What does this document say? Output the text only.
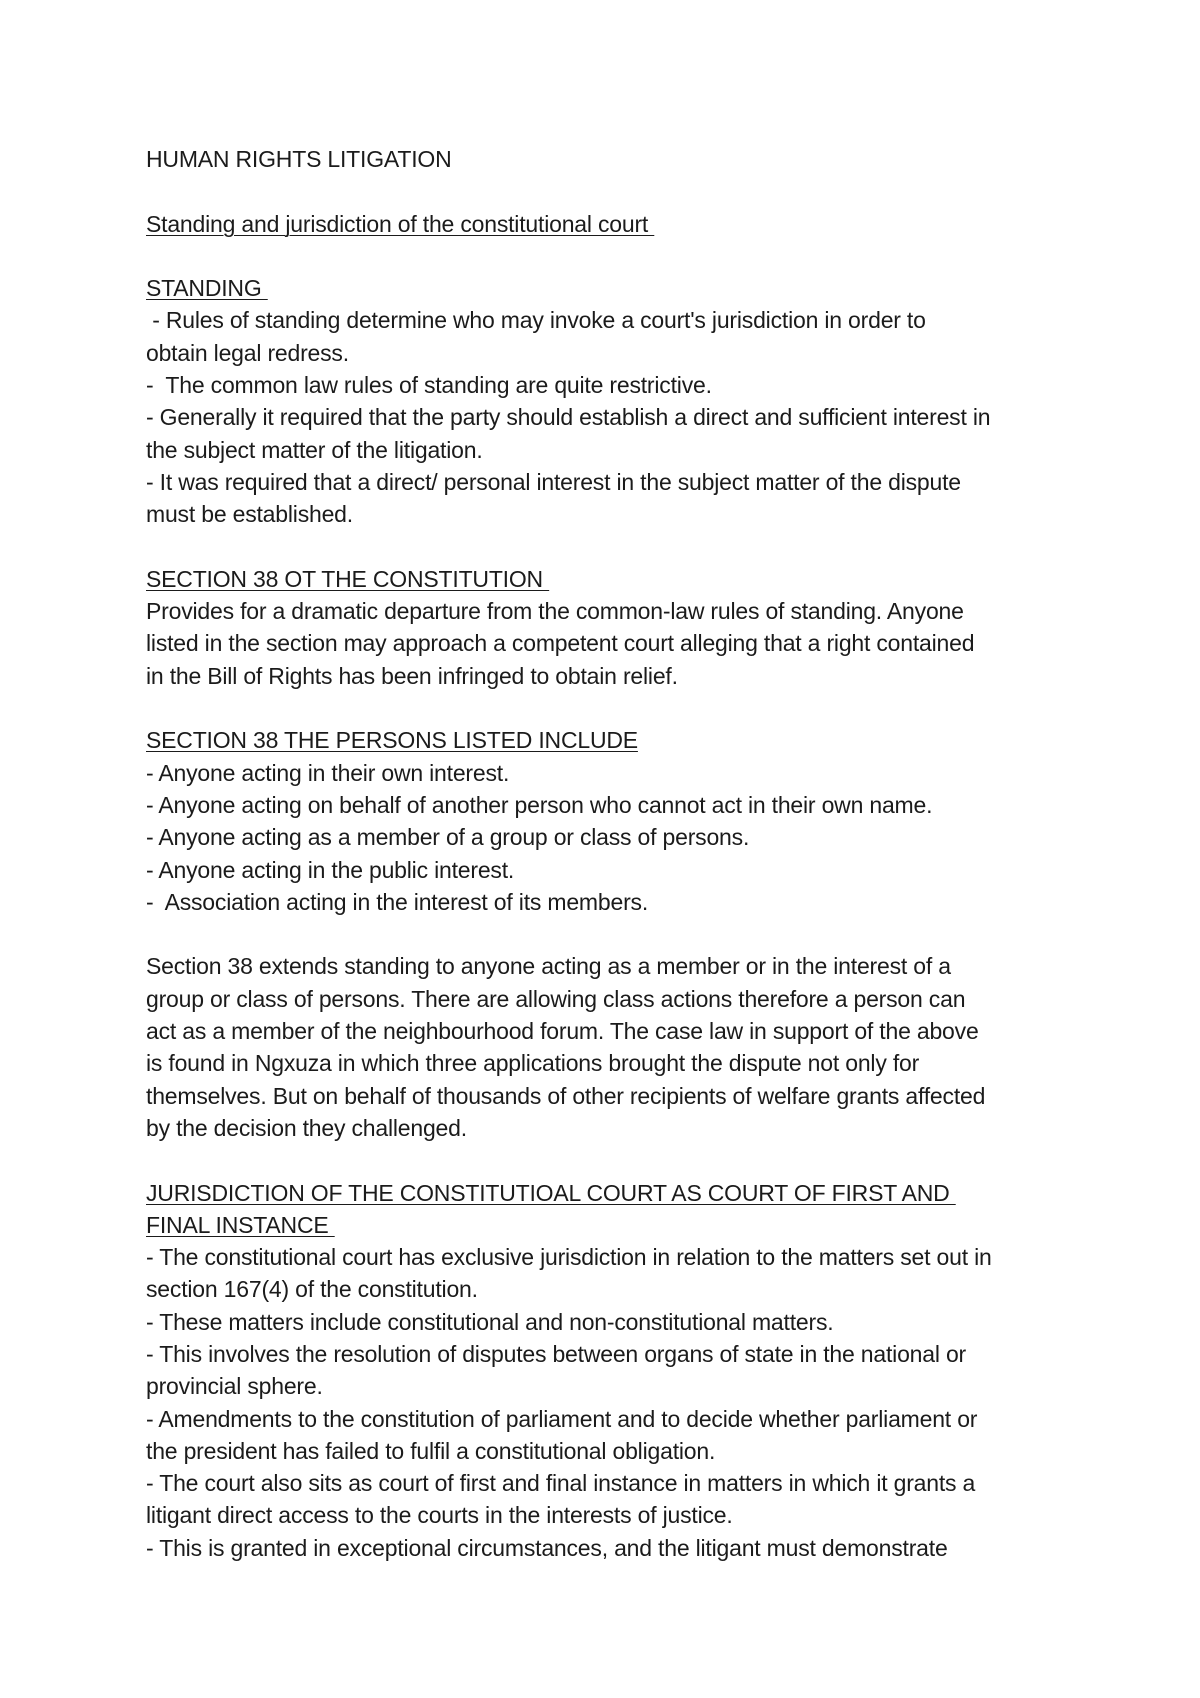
HUMAN RIGHTS LITIGATION
Standing and jurisdiction of the constitutional court
STANDING
- Rules of standing determine who may invoke a court's jurisdiction in order to
obtain legal redress.
-  The common law rules of standing are quite restrictive.
- Generally it required that the party should establish a direct and sufficient interest in
the subject matter of the litigation.
- It was required that a direct/ personal interest in the subject matter of the dispute
must be established.
SECTION 38 OT THE CONSTITUTION
Provides for a dramatic departure from the common-law rules of standing. Anyone
listed in the section may approach a competent court alleging that a right contained
in the Bill of Rights has been infringed to obtain relief.
SECTION 38 THE PERSONS LISTED INCLUDE
- Anyone acting in their own interest.
- Anyone acting on behalf of another person who cannot act in their own name.
- Anyone acting as a member of a group or class of persons.
- Anyone acting in the public interest.
-  Association acting in the interest of its members.
Section 38 extends standing to anyone acting as a member or in the interest of a
group or class of persons. There are allowing class actions therefore a person can
act as a member of the neighbourhood forum. The case law in support of the above
is found in Ngxuza in which three applications brought the dispute not only for
themselves. But on behalf of thousands of other recipients of welfare grants affected
by the decision they challenged.
JURISDICTION OF THE CONSTITUTIOAL COURT AS COURT OF FIRST AND
FINAL INSTANCE
- The constitutional court has exclusive jurisdiction in relation to the matters set out in
section 167(4) of the constitution.
- These matters include constitutional and non-constitutional matters.
- This involves the resolution of disputes between organs of state in the national or
provincial sphere.
- Amendments to the constitution of parliament and to decide whether parliament or
the president has failed to fulfil a constitutional obligation.
- The court also sits as court of first and final instance in matters in which it grants a
litigant direct access to the courts in the interests of justice.
- This is granted in exceptional circumstances, and the litigant must demonstrate
